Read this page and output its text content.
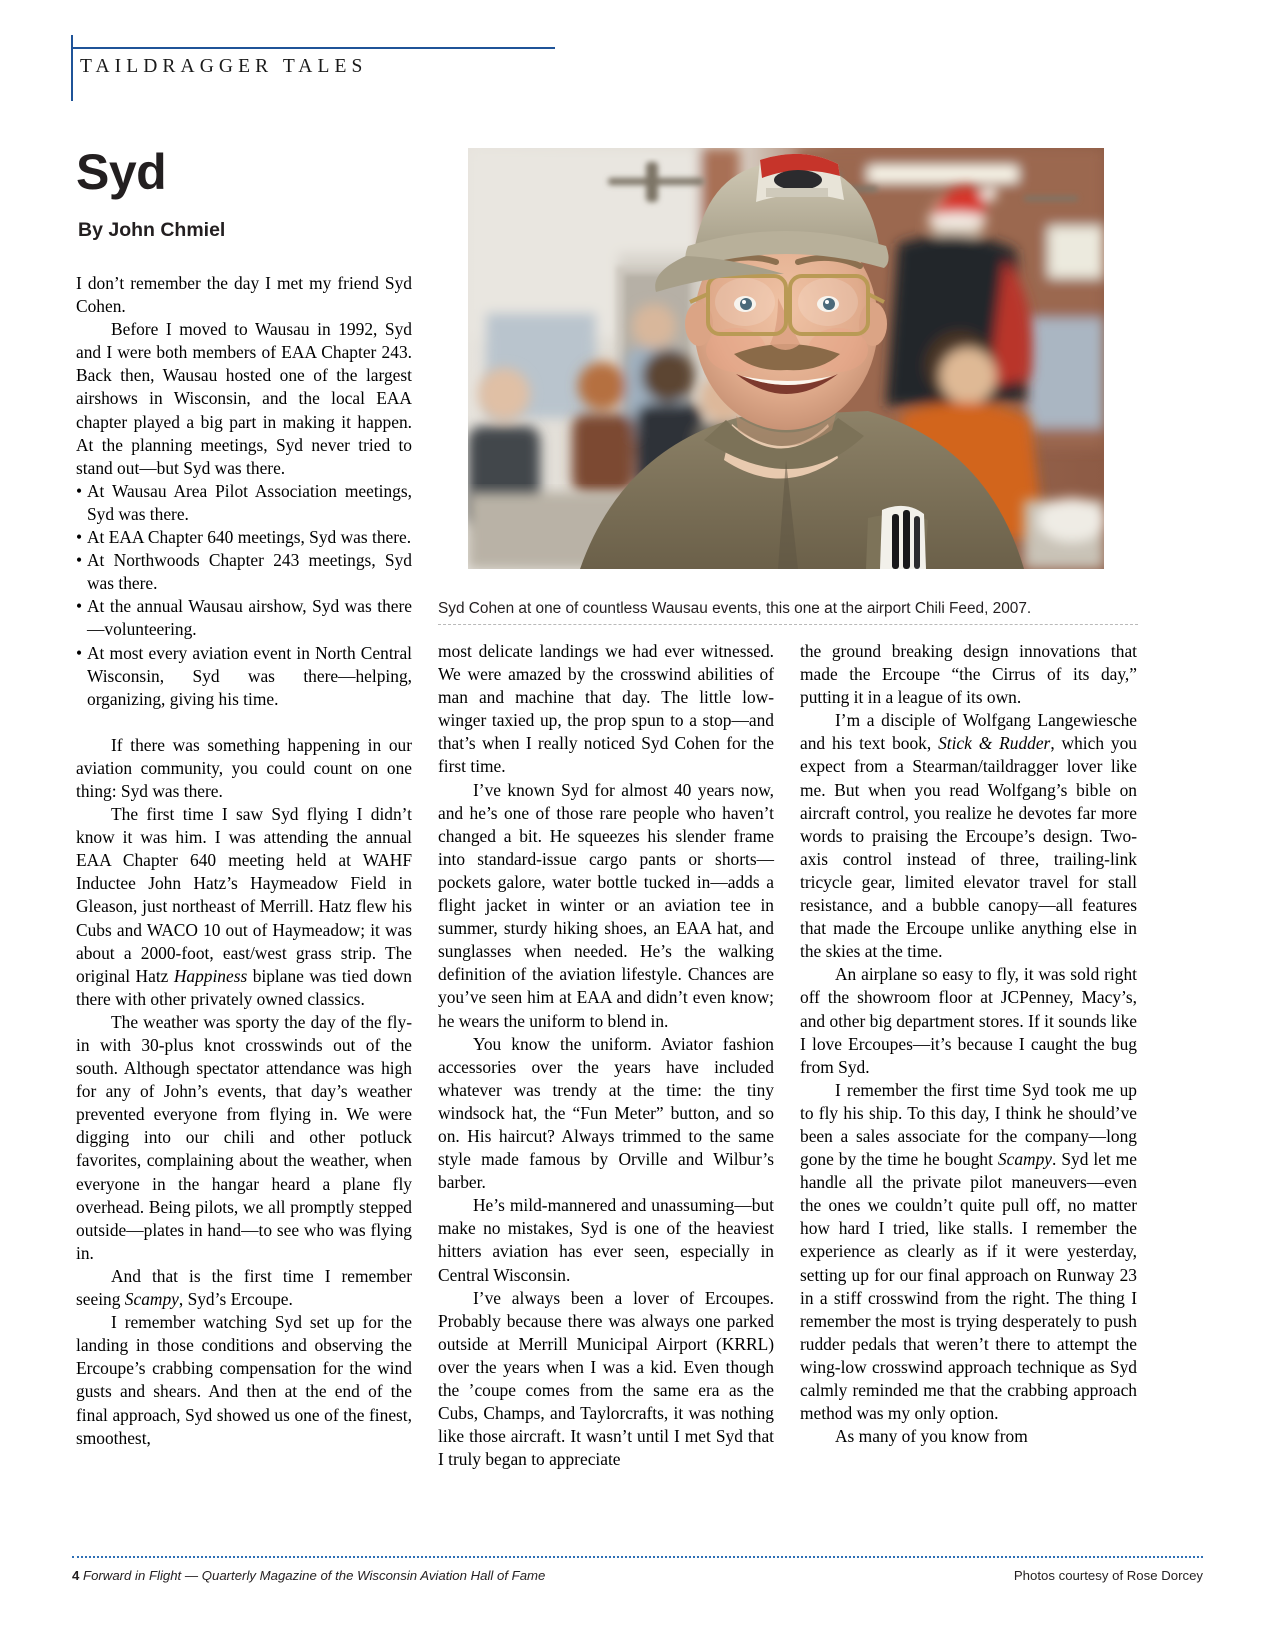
TAILDRAGGER TALES
Syd
By John Chmiel
Syd Cohen at one of countless Wausau events, this one at the airport Chili Feed, 2007.

I don’t remember the day I met my friend Syd Cohen.

Before I moved to Wausau in 1992, Syd and I were both members of EAA Chapter 243. Back then, Wausau hosted one of the largest airshows in Wisconsin, and the local EAA chapter played a big part in making it happen. At the planning meetings, Syd never tried to stand out—but Syd was there.

• At Wausau Area Pilot Association meetings, Syd was there.
• At EAA Chapter 640 meetings, Syd was there.
• At Northwoods Chapter 243 meetings, Syd was there.
• At the annual Wausau airshow, Syd was there—volunteering.
• At most every aviation event in North Central Wisconsin, Syd was there—helping, organizing, giving his time.

If there was something happening in our aviation community, you could count on one thing: Syd was there.

The first time I saw Syd flying I didn’t know it was him. I was attending the annual EAA Chapter 640 meeting held at WAHF Inductee John Hatz’s Haymeadow Field in Gleason, just northeast of Merrill. Hatz flew his Cubs and WACO 10 out of Haymeadow; it was about a 2000-foot, east/west grass strip. The original Hatz Happiness biplane was tied down there with other privately owned classics.

The weather was sporty the day of the fly-in with 30-plus knot crosswinds out of the south. Although spectator attendance was high for any of John’s events, that day’s weather prevented everyone from flying in. We were digging into our chili and other potluck favorites, complaining about the weather, when everyone in the hangar heard a plane fly overhead. Being pilots, we all promptly stepped outside—plates in hand—to see who was flying in.

And that is the first time I remember seeing Scampy, Syd’s Ercoupe.

I remember watching Syd set up for the landing in those conditions and observing the Ercoupe’s crabbing compensation for the wind gusts and shears. And then at the end of the final approach, Syd showed us one of the finest, smoothest,

most delicate landings we had ever witnessed. We were amazed by the crosswind abilities of man and machine that day. The little low-winger taxied up, the prop spun to a stop—and that’s when I really noticed Syd Cohen for the first time.

I’ve known Syd for almost 40 years now, and he’s one of those rare people who haven’t changed a bit. He squeezes his slender frame into standard-issue cargo pants or shorts—pockets galore, water bottle tucked in—adds a flight jacket in winter or an aviation tee in summer, sturdy hiking shoes, an EAA hat, and sunglasses when needed. He’s the walking definition of the aviation lifestyle. Chances are you’ve seen him at EAA and didn’t even know; he wears the uniform to blend in.

You know the uniform. Aviator fashion accessories over the years have included whatever was trendy at the time: the tiny windsock hat, the “Fun Meter” button, and so on. His haircut? Always trimmed to the same style made famous by Orville and Wilbur’s barber.

He’s mild-mannered and unassuming—but make no mistakes, Syd is one of the heaviest hitters aviation has ever seen, especially in Central Wisconsin.

I’ve always been a lover of Ercoupes. Probably because there was always one parked outside at Merrill Municipal Airport (KRRL) over the years when I was a kid. Even though the ’coupe comes from the same era as the Cubs, Champs, and Taylorcrafts, it was nothing like those aircraft. It wasn’t until I met Syd that I truly began to appreciate

the ground breaking design innovations that made the Ercoupe “the Cirrus of its day,” putting it in a league of its own.

I’m a disciple of Wolfgang Langewiesche and his text book, Stick & Rudder, which you expect from a Stearman/taildragger lover like me. But when you read Wolfgang’s bible on aircraft control, you realize he devotes far more words to praising the Ercoupe’s design. Two-axis control instead of three, trailing-link tricycle gear, limited elevator travel for stall resistance, and a bubble canopy—all features that made the Ercoupe unlike anything else in the skies at the time.

An airplane so easy to fly, it was sold right off the showroom floor at JCPenney, Macy’s, and other big department stores. If it sounds like I love Ercoupes—it’s because I caught the bug from Syd.

I remember the first time Syd took me up to fly his ship. To this day, I think he should’ve been a sales associate for the company—long gone by the time he bought Scampy. Syd let me handle all the private pilot maneuvers—even the ones we couldn’t quite pull off, no matter how hard I tried, like stalls. I remember the experience as clearly as if it were yesterday, setting up for our final approach on Runway 23 in a stiff crosswind from the right. The thing I remember the most is trying desperately to push rudder pedals that weren’t there to attempt the wing-low crosswind approach technique as Syd calmly reminded me that the crabbing approach method was my only option.

As many of you know from

4 Forward in Flight — Quarterly Magazine of the Wisconsin Aviation Hall of Fame	Photos courtesy of Rose Dorcey
